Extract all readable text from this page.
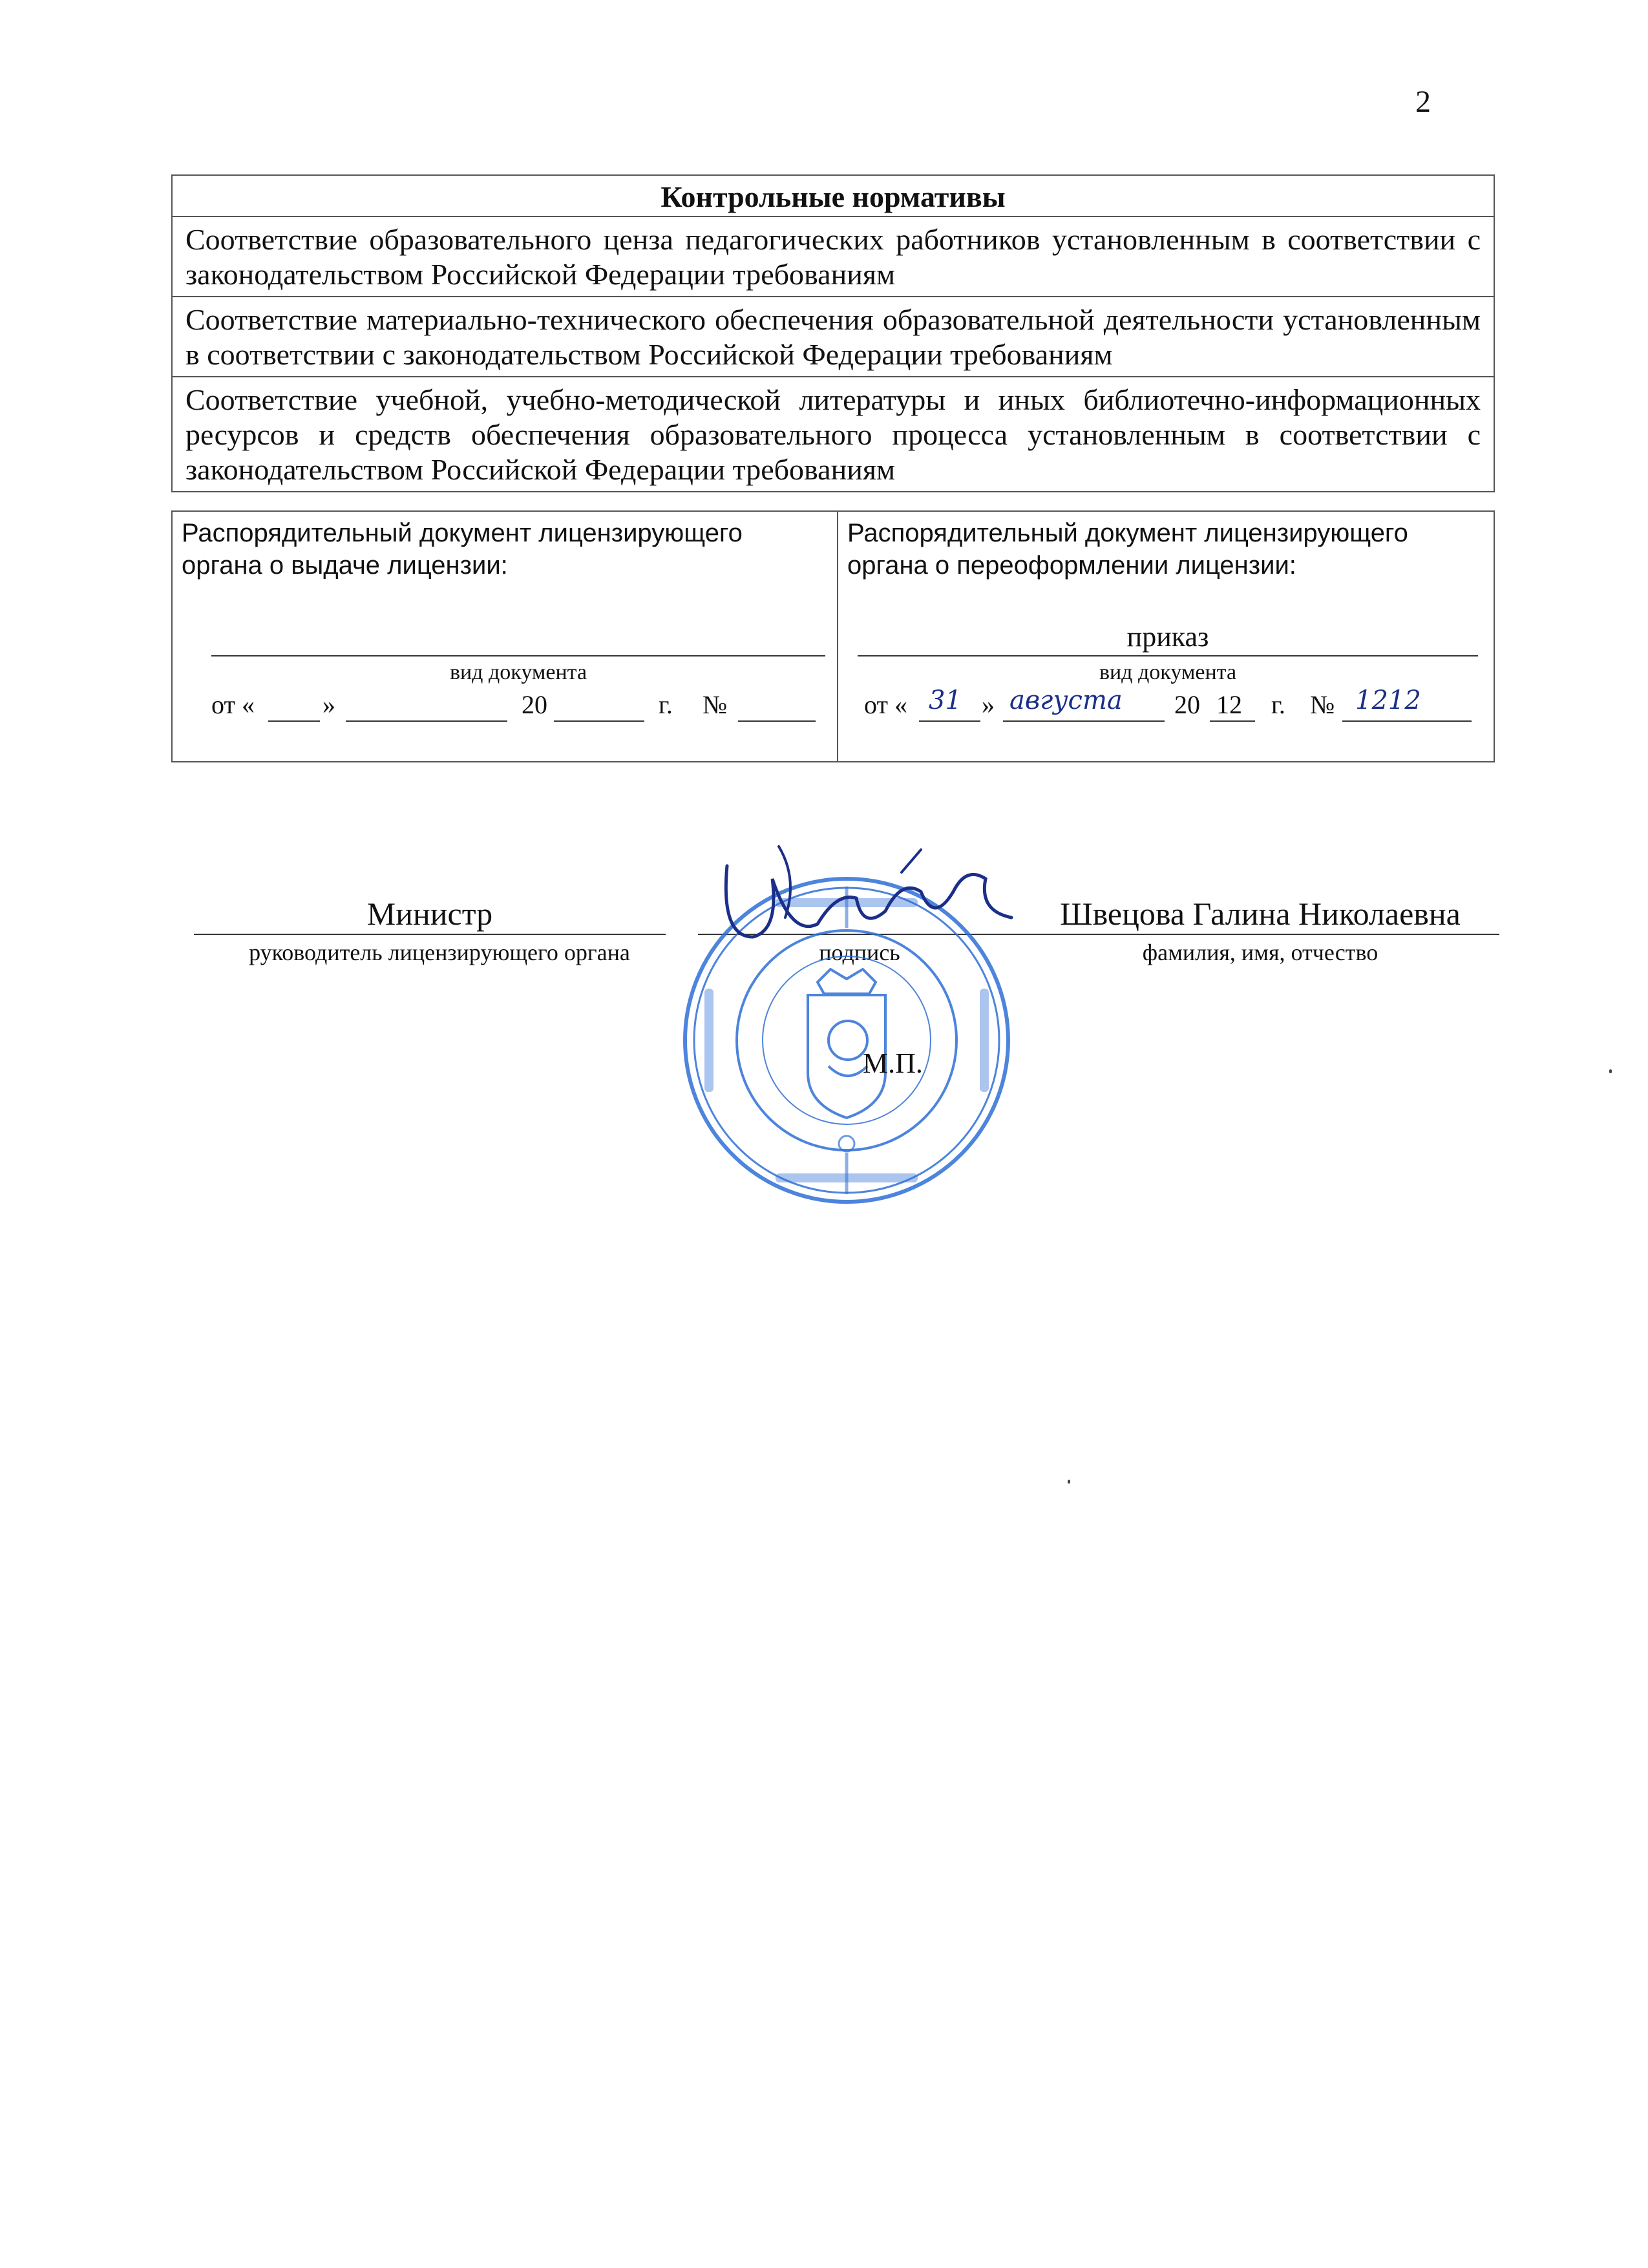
2
Контрольные нормативы
Соответствие образовательного ценза педагогических работников установленным в соответствии с законодательством Российской Федерации требованиям
Соответствие материально-технического обеспечения образовательной деятельности установленным в соответствии с законодательством Российской Федерации требованиям
Соответствие учебной, учебно-методической литературы и иных библиотечно-информационных ресурсов и средств обеспечения образовательного процесса установленным в соответствии с законодательством Российской Федерации требованиям
Распорядительный документ лицензирующего органа о выдаче лицензии:
вид документа
от «	»	20	г. №
Распорядительный документ лицензирующего органа о переоформлении лицензии:
приказ
вид документа
от « 31 » августа 20 12 г. № 1212
Министр
руководитель лицензирующего органа	подпись
Швецова Галина Николаевна
фамилия, имя, отчество
М.П.
